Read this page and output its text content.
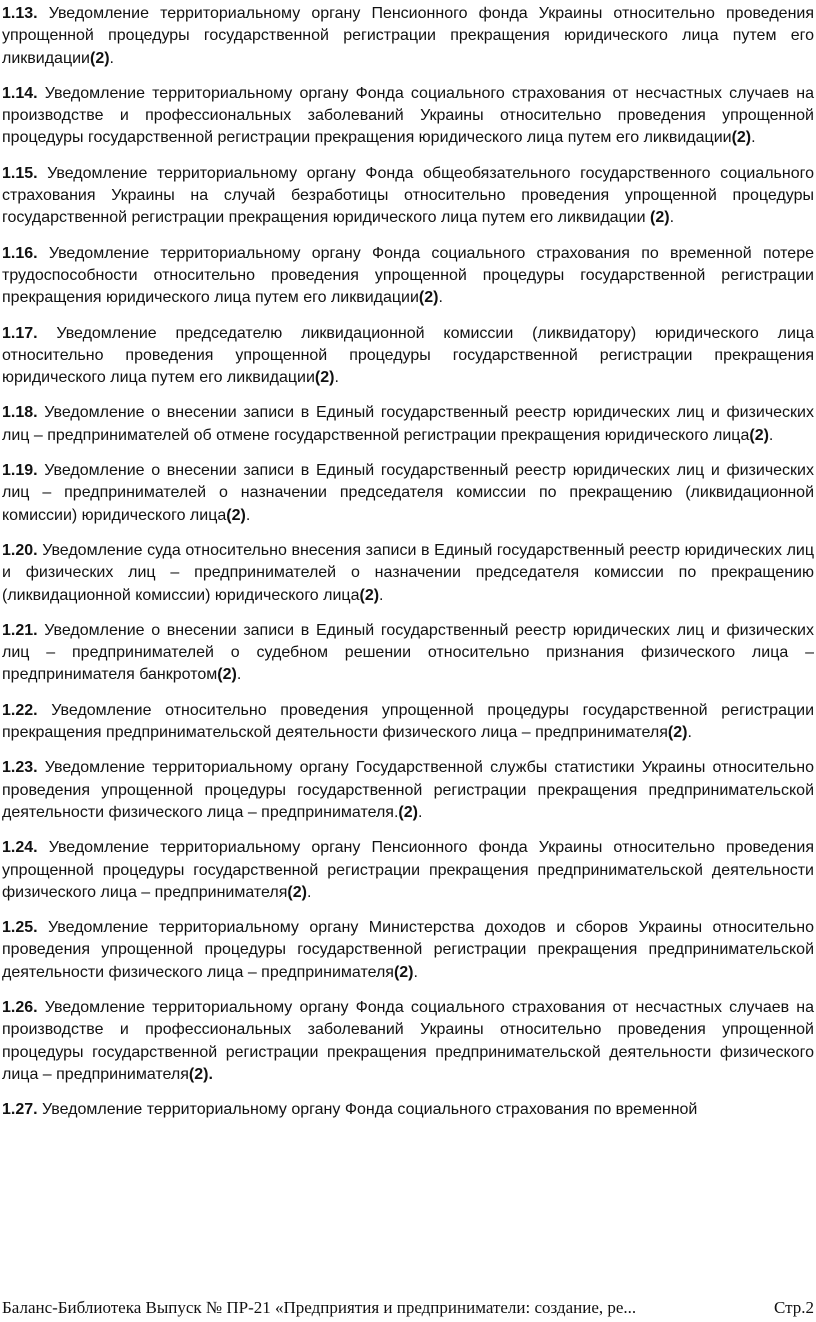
1.13. Уведомление территориальному органу Пенсионного фонда Украины относительно проведения упрощенной процедуры государственной регистрации прекращения юридического лица путем его ликвидации(2).

1.14. Уведомление территориальному органу Фонда социального страхования от несчастных случаев на производстве и профессиональных заболеваний Украины относительно проведения упрощенной процедуры государственной регистрации прекращения юридического лица путем его ликвидации(2).

1.15. Уведомление территориальному органу Фонда общеобязательного государственного социального страхования Украины на случай безработицы относительно проведения упрощенной процедуры государственной регистрации прекращения юридического лица путем его ликвидации (2).

1.16. Уведомление территориальному органу Фонда социального страхования по временной потере трудоспособности относительно проведения упрощенной процедуры государственной регистрации прекращения юридического лица путем его ликвидации(2).

1.17. Уведомление председателю ликвидационной комиссии (ликвидатору) юридического лица относительно проведения упрощенной процедуры государственной регистрации прекращения юридического лица путем его ликвидации(2).

1.18. Уведомление о внесении записи в Единый государственный реестр юридических лиц и физических лиц – предпринимателей об отмене государственной регистрации прекращения юридического лица(2).

1.19. Уведомление о внесении записи в Единый государственный реестр юридических лиц и физических лиц – предпринимателей о назначении председателя комиссии по прекращению (ликвидационной комиссии) юридического лица(2).

1.20. Уведомление суда относительно внесения записи в Единый государственный реестр юридических лиц и физических лиц – предпринимателей о назначении председателя комиссии по прекращению (ликвидационной комиссии) юридического лица(2).

1.21. Уведомление о внесении записи в Единый государственный реестр юридических лиц и физических лиц – предпринимателей о судебном решении относительно признания физического лица – предпринимателя банкротом(2).

1.22. Уведомление относительно проведения упрощенной процедуры государственной регистрации прекращения предпринимательской деятельности физического лица – предпринимателя(2).

1.23. Уведомление территориальному органу Государственной службы статистики Украины относительно проведения упрощенной процедуры государственной регистрации прекращения предпринимательской деятельности физического лица – предпринимателя.(2).

1.24. Уведомление территориальному органу Пенсионного фонда Украины относительно проведения упрощенной процедуры государственной регистрации прекращения предпринимательской деятельности физического лица – предпринимателя(2).

1.25. Уведомление территориальному органу Министерства доходов и сборов Украины относительно проведения упрощенной процедуры государственной регистрации прекращения предпринимательской деятельности физического лица – предпринимателя(2).

1.26. Уведомление территориальному органу Фонда социального страхования от несчастных случаев на производстве и профессиональных заболеваний Украины относительно проведения упрощенной процедуры государственной регистрации прекращения предпринимательской деятельности физического лица – предпринимателя(2).

1.27. Уведомление территориальному органу Фонда социального страхования по временной

Баланс-Библиотека Выпуск № ПР-21 «Предприятия и предприниматели: создание, ре...	Стр.2
